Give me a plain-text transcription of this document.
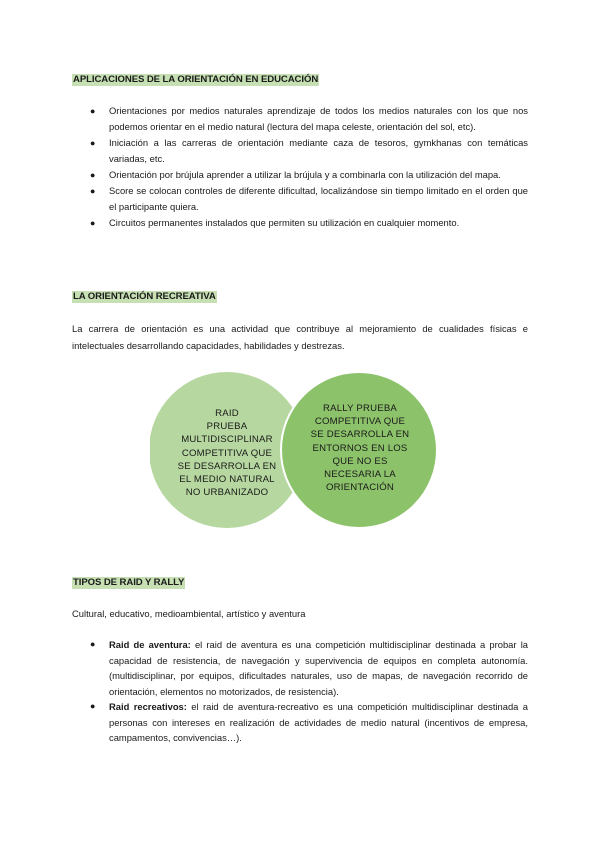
APLICACIONES DE LA ORIENTACIÓN EN EDUCACIÓN
● Orientaciones por medios naturales aprendizaje de todos los medios naturales con los que nos podemos orientar en el medio natural (lectura del mapa celeste, orientación del sol, etc).
● Iniciación a las carreras de orientación mediante caza de tesoros, gymkhanas con temáticas variadas, etc.
● Orientación por brújula aprender a utilizar la brújula y a combinarla con la utilización del mapa.
● Score se colocan controles de diferente dificultad, localizándose sin tiempo limitado en el orden que el participante quiera.
● Circuitos permanentes instalados que permiten su utilización en cualquier momento.
LA ORIENTACIÓN RECREATIVA
La carrera de orientación es una actividad que contribuye al mejoramiento de cualidades físicas e intelectuales desarrollando capacidades, habilidades y destrezas.
RAID
PRUEBA
MULTIDISCIPLINAR
COMPETITIVA QUE
SE DESARROLLA EN
EL MEDIO NATURAL
NO URBANIZADO
RALLY PRUEBA
COMPETITIVA QUE
SE DESARROLLA EN
ENTORNOS EN LOS
QUE NO ES
NECESARIA LA
ORIENTACIÓN
TIPOS DE RAID Y RALLY
Cultural, educativo, medioambiental, artístico y aventura
● Raid de aventura: el raid de aventura es una competición multidisciplinar destinada a probar la capacidad de resistencia, de navegación y supervivencia de equipos en completa autonomía. (multidisciplinar, por equipos, dificultades naturales, uso de mapas, de navegación recorrido de orientación, elementos no motorizados, de resistencia).
● Raid recreativos: el raid de aventura-recreativo es una competición multidisciplinar destinada a personas con intereses en realización de actividades de medio natural (incentivos de empresa, campamentos, convivencias…).
